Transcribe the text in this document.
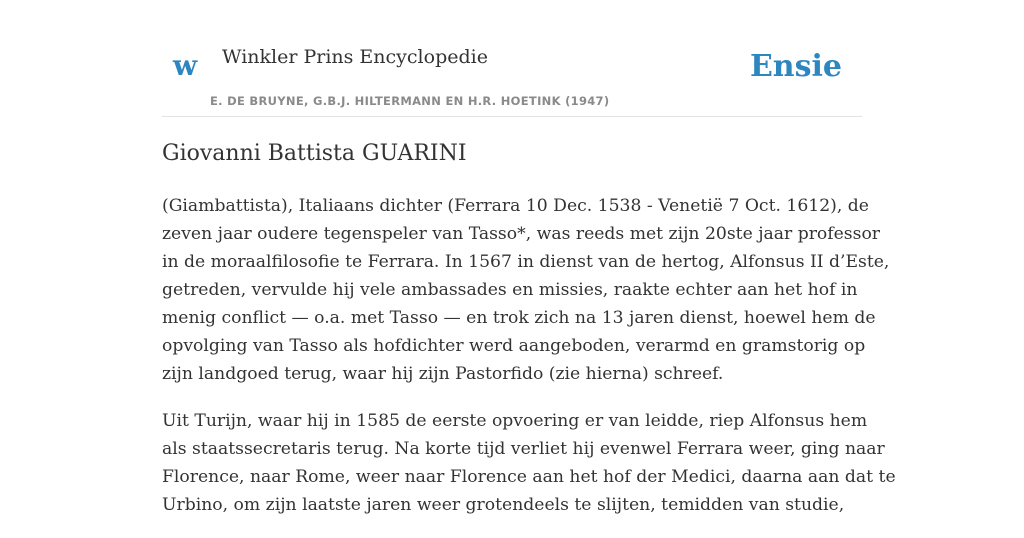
w Winkler Prins Encyclopedie
E. DE BRUYNE, G.B.J. HILTERMANN EN H.R. HOETINK (1947)
Ensie
Giovanni Battista GUARINI

(Giambattista), Italiaans dichter (Ferrara 10 Dec. 1538 - Venetië 7 Oct. 1612), de
zeven jaar oudere tegenspeler van Tasso*, was reeds met zijn 20ste jaar professor
in de moraalfilosofie te Ferrara. In 1567 in dienst van de hertog, Alfonsus II d’Este,
getreden, vervulde hij vele ambassades en missies, raakte echter aan het hof in
menig conflict — o.a. met Tasso — en trok zich na 13 jaren dienst, hoewel hem de
opvolging van Tasso als hofdichter werd aangeboden, verarmd en gramstorig op
zijn landgoed terug, waar hij zijn Pastorfido (zie hierna) schreef.

Uit Turijn, waar hij in 1585 de eerste opvoering er van leidde, riep Alfonsus hem
als staatssecretaris terug. Na korte tijd verliet hij evenwel Ferrara weer, ging naar
Florence, naar Rome, weer naar Florence aan het hof der Medici, daarna aan dat te
Urbino, om zijn laatste jaren weer grotendeels te slijten, temidden van studie,
